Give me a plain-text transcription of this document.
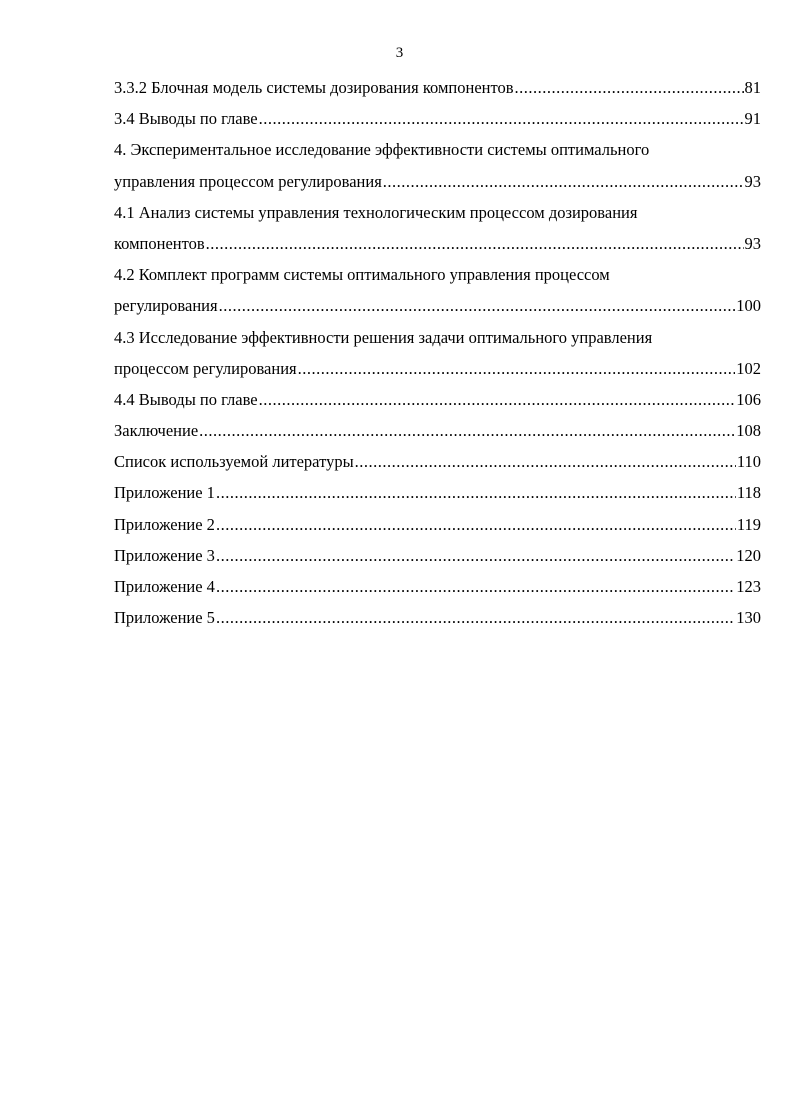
3
3.3.2 Блочная модель системы дозирования компонентов .....	81
3.4 Выводы по главе .....	91
4. Экспериментальное исследование эффективности системы оптимального
управления процессом регулирования .....	93
4.1 Анализ системы управления технологическим процессом дозирования
компонентов .....	93
4.2 Комплект программ системы оптимального управления процессом
регулирования .....	100
4.3 Исследование эффективности решения задачи оптимального управления
процессом регулирования .....	102
4.4 Выводы по главе .....	106
Заключение .....	108
Список используемой литературы .....	110
Приложение 1 .....	118
Приложение 2 .....	119
Приложение 3 .....	120
Приложение 4 .....	123
Приложение 5 .....	130
